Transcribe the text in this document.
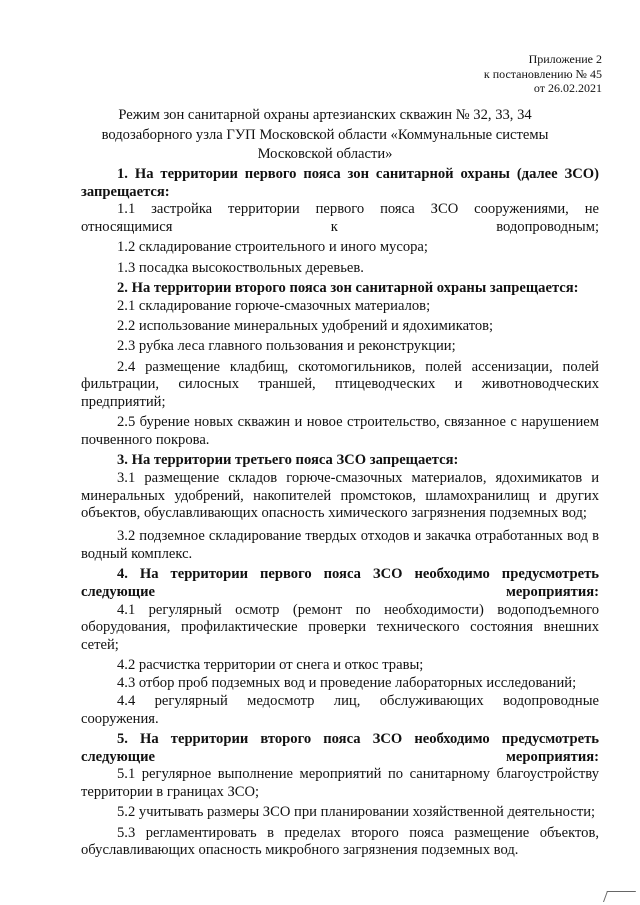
Приложение 2
к постановлению № 45
от 26.02.2021
Режим зон санитарной охраны артезианских скважин № 32, 33, 34 водозаборного узла ГУП Московской области «Коммунальные системы Московской области»

1. На территории первого пояса зон санитарной охраны (далее ЗСО) запрещается:

1.1 застройка территории первого пояса ЗСО сооружениями, не относящимися к водопроводным;

1.2 складирование строительного и иного мусора;

1.3 посадка высокоствольных деревьев.

2. На территории второго пояса зон санитарной охраны запрещается:

2.1 складирование горюче-смазочных материалов;

2.2 использование минеральных удобрений и ядохимикатов;

2.3 рубка леса главного пользования и реконструкции;

2.4 размещение кладбищ, скотомогильников, полей ассенизации, полей фильтрации, силосных траншей, птицеводческих и животноводческих предприятий;

2.5 бурение новых скважин и новое строительство, связанное с нарушением почвенного покрова.

3. На территории третьего пояса ЗСО запрещается:

3.1 размещение складов горюче-смазочных материалов, ядохимикатов и минеральных удобрений, накопителей промстоков, шламохранилищ и других объектов, обуславливающих опасность химического загрязнения подземных вод;

3.2 подземное складирование твердых отходов и закачка отработанных вод в водный комплекс.

4. На территории первого пояса ЗСО необходимо предусмотреть следующие мероприятия:

4.1 регулярный осмотр (ремонт по необходимости) водоподъемного оборудования, профилактические проверки технического состояния внешних сетей;

4.2 расчистка территории от снега и откос травы;

4.3 отбор проб подземных вод и проведение лабораторных исследований;

4.4 регулярный медосмотр лиц, обслуживающих водопроводные сооружения.

5. На территории второго пояса ЗСО необходимо предусмотреть следующие мероприятия:

5.1 регулярное выполнение мероприятий по санитарному благоустройству территории в границах ЗСО;

5.2 учитывать размеры ЗСО при планировании хозяйственной деятельности;

5.3 регламентировать в пределах второго пояса размещение объектов, обуславливающих опасность микробного загрязнения подземных вод.
